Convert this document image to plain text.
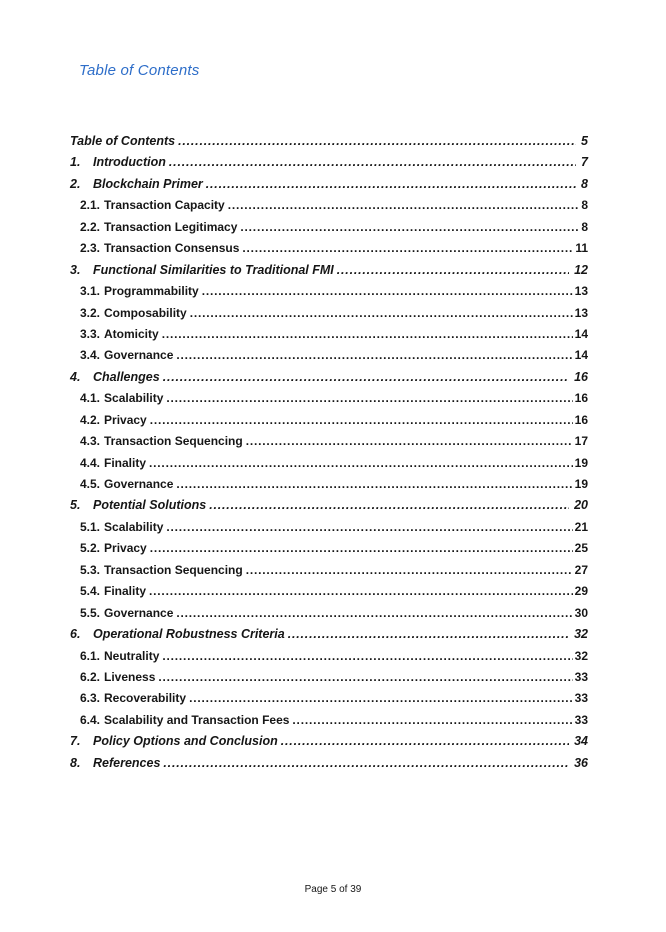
Table of Contents
Table of Contents .....	5
1.	Introduction .....	7
2.	Blockchain Primer .....	8
2.1. Transaction Capacity .....	8
2.2. Transaction Legitimacy .....	8
2.3. Transaction Consensus .....	11
3.	Functional Similarities to Traditional FMI .....	12
3.1. Programmability .....	13
3.2. Composability .....	13
3.3. Atomicity .....	14
3.4. Governance .....	14
4.	Challenges .....	16
4.1. Scalability .....	16
4.2. Privacy .....	16
4.3. Transaction Sequencing .....	17
4.4. Finality .....	19
4.5. Governance .....	19
5.	Potential Solutions .....	20
5.1. Scalability .....	21
5.2. Privacy .....	25
5.3. Transaction Sequencing .....	27
5.4. Finality .....	29
5.5. Governance .....	30
6.	Operational Robustness Criteria .....	32
6.1. Neutrality .....	32
6.2. Liveness .....	33
6.3. Recoverability .....	33
6.4. Scalability and Transaction Fees .....	33
7.	Policy Options and Conclusion .....	34
8.	References .....	36
Page 5 of 39
